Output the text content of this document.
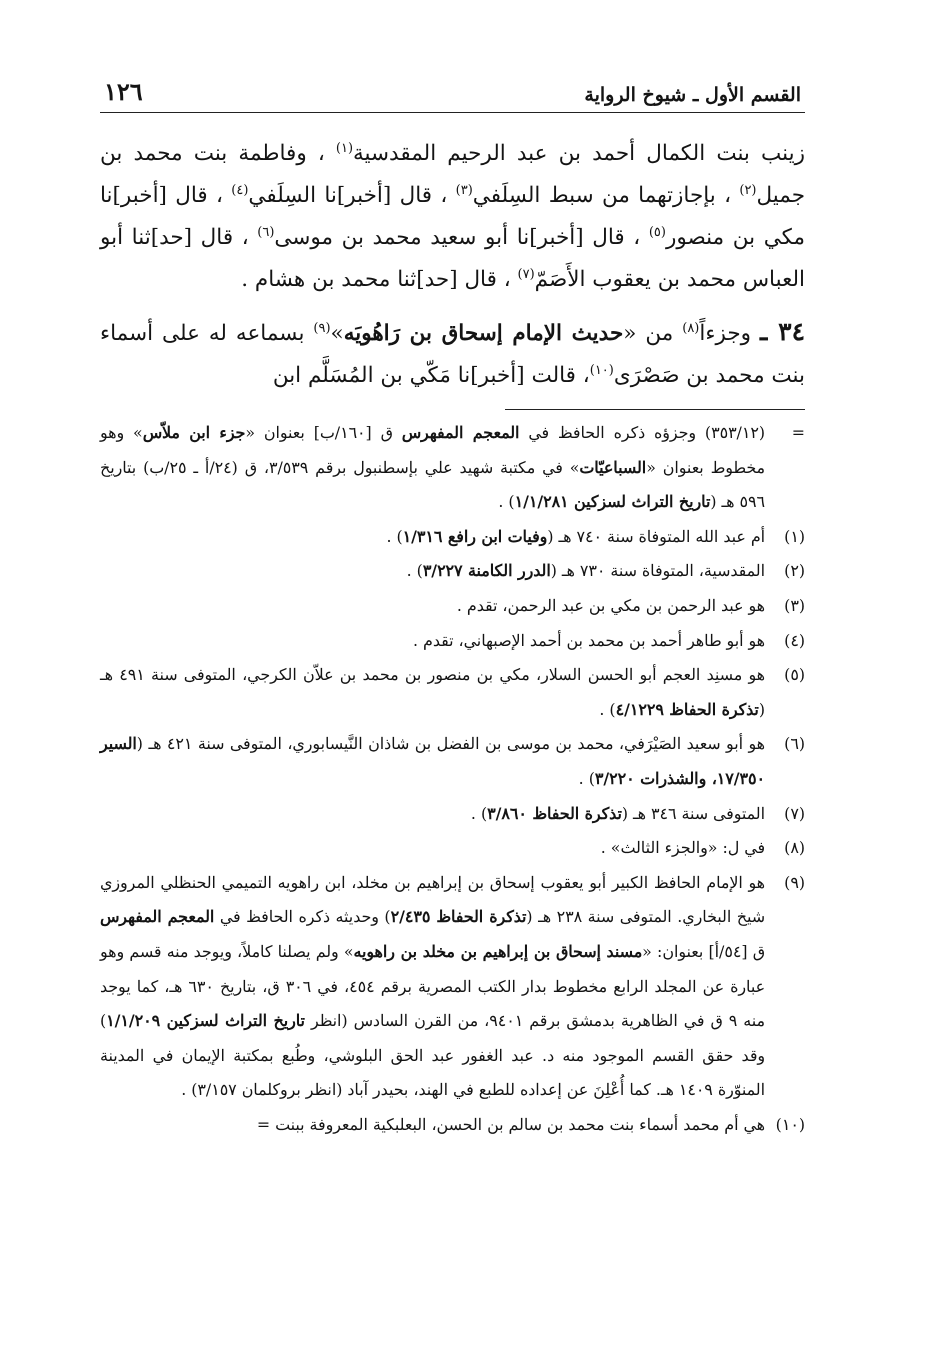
القسم الأول ـ شيوخ الرواية
١٢٦

زينب بنت الكمال أحمد بن عبد الرحيم المقدسية$^{(١)}$ ، وفاطمة بنت محمد بن جميل$^{(٢)}$ ، بإجازتهما من سبط السِلَفي$^{(٣)}$ ، قال [أخبر]نا السِلَفي$^{(٤)}$ ، قال [أخبر]نا مكي بن منصور$^{(٥)}$ ، قال [أخبر]نا أبو سعيد محمد بن موسى$^{(٦)}$ ، قال [حد]ثنا أبو العباس محمد بن يعقوب الأَصَمّ$^{(٧)}$ ، قال [حد]ثنا محمد بن هشام .

٣٤ ـ وجزءاً$^{(٨)}$ من «حديث الإمام إسحاق بن رَاهُويَه»$^{(٩)}$ بسماعه له على أسماء بنت محمد بن صَصْرَى$^{(١٠)}$، قالت [أخبر]نا مَكّي بن المُسَلَّم ابن

=
(٣٥٣/١٢) وجزؤه ذكره الحافظ في المعجم المفهرس ق [١٦٠/ب] بعنوان «جزء ابن ملاّس» وهو مخطوط بعنوان «السباعيّات» في مكتبة شهيد علي بإسطنبول برقم ٣/٥٣٩، ق (٢٤/أ ـ ٢٥/ب) بتاريخ ٥٩٦ هـ (تاريخ التراث لسزكين ١/١/٢٨١) .
(١)
أم عبد الله المتوفاة سنة ٧٤٠ هـ (وفيات ابن رافع ١/٣١٦) .
(٢)
المقدسية، المتوفاة سنة ٧٣٠ هـ (الدرر الكامنة ٣/٢٢٧) .
(٣)
هو عبد الرحمن بن مكي بن عبد الرحمن، تقدم .
(٤)
هو أبو طاهر أحمد بن محمد بن أحمد الإصبهاني، تقدم .
(٥)
هو مسنِد العجم أبو الحسن السلار، مكي بن منصور بن محمد بن علاّن الكرجي، المتوفى سنة ٤٩١ هـ (تذكرة الحفاظ ٤/١٢٢٩) .
(٦)
هو أبو سعيد الصَيْرَفي، محمد بن موسى بن الفضل بن شاذان النَّيسابوري، المتوفى سنة ٤٢١ هـ (السير ١٧/٣٥٠، والشذرات ٣/٢٢٠) .
(٧)
المتوفى سنة ٣٤٦ هـ (تذكرة الحفاظ ٣/٨٦٠) .
(٨)
في ل: «والجزء الثالث» .
(٩)
هو الإمام الحافظ الكبير أبو يعقوب إسحاق بن إبراهيم بن مخلد، ابن راهويه التميمي الحنظلي المروزي شيخ البخاري. المتوفى سنة ٢٣٨ هـ (تذكرة الحفاظ ٢/٤٣٥) وحديثه ذكره الحافظ في المعجم المفهرس ق [٥٤/أ] بعنوان: «مسند إسحاق بن إبراهيم بن مخلد بن راهويه» ولم يصلنا كاملاً، ويوجد منه قسم وهو عبارة عن المجلد الرابع مخطوط بدار الكتب المصرية برقم ٤٥٤، في ٣٠٦ ق، بتاريخ ٦٣٠ هـ، كما يوجد منه ٩ ق في الظاهرية بدمشق برقم ٩٤٠١، من القرن السادس (انظر تاريخ التراث لسزكين ١/١/٢٠٩) وقد حقق القسم الموجود منه د. عبد الغفور عبد الحق البلوشي، وطُبع بمكتبة الإيمان في المدينة المنوّرة ١٤٠٩ هـ. كما أُعْلِنَ عن إعداده للطبع في الهند، بحيدر آباد (انظر بروكلمان ٣/١٥٧) .
(١٠)
هي أم محمد أسماء بنت محمد بن سالم بن الحسن، البعلبكية المعروفة ببنت =
